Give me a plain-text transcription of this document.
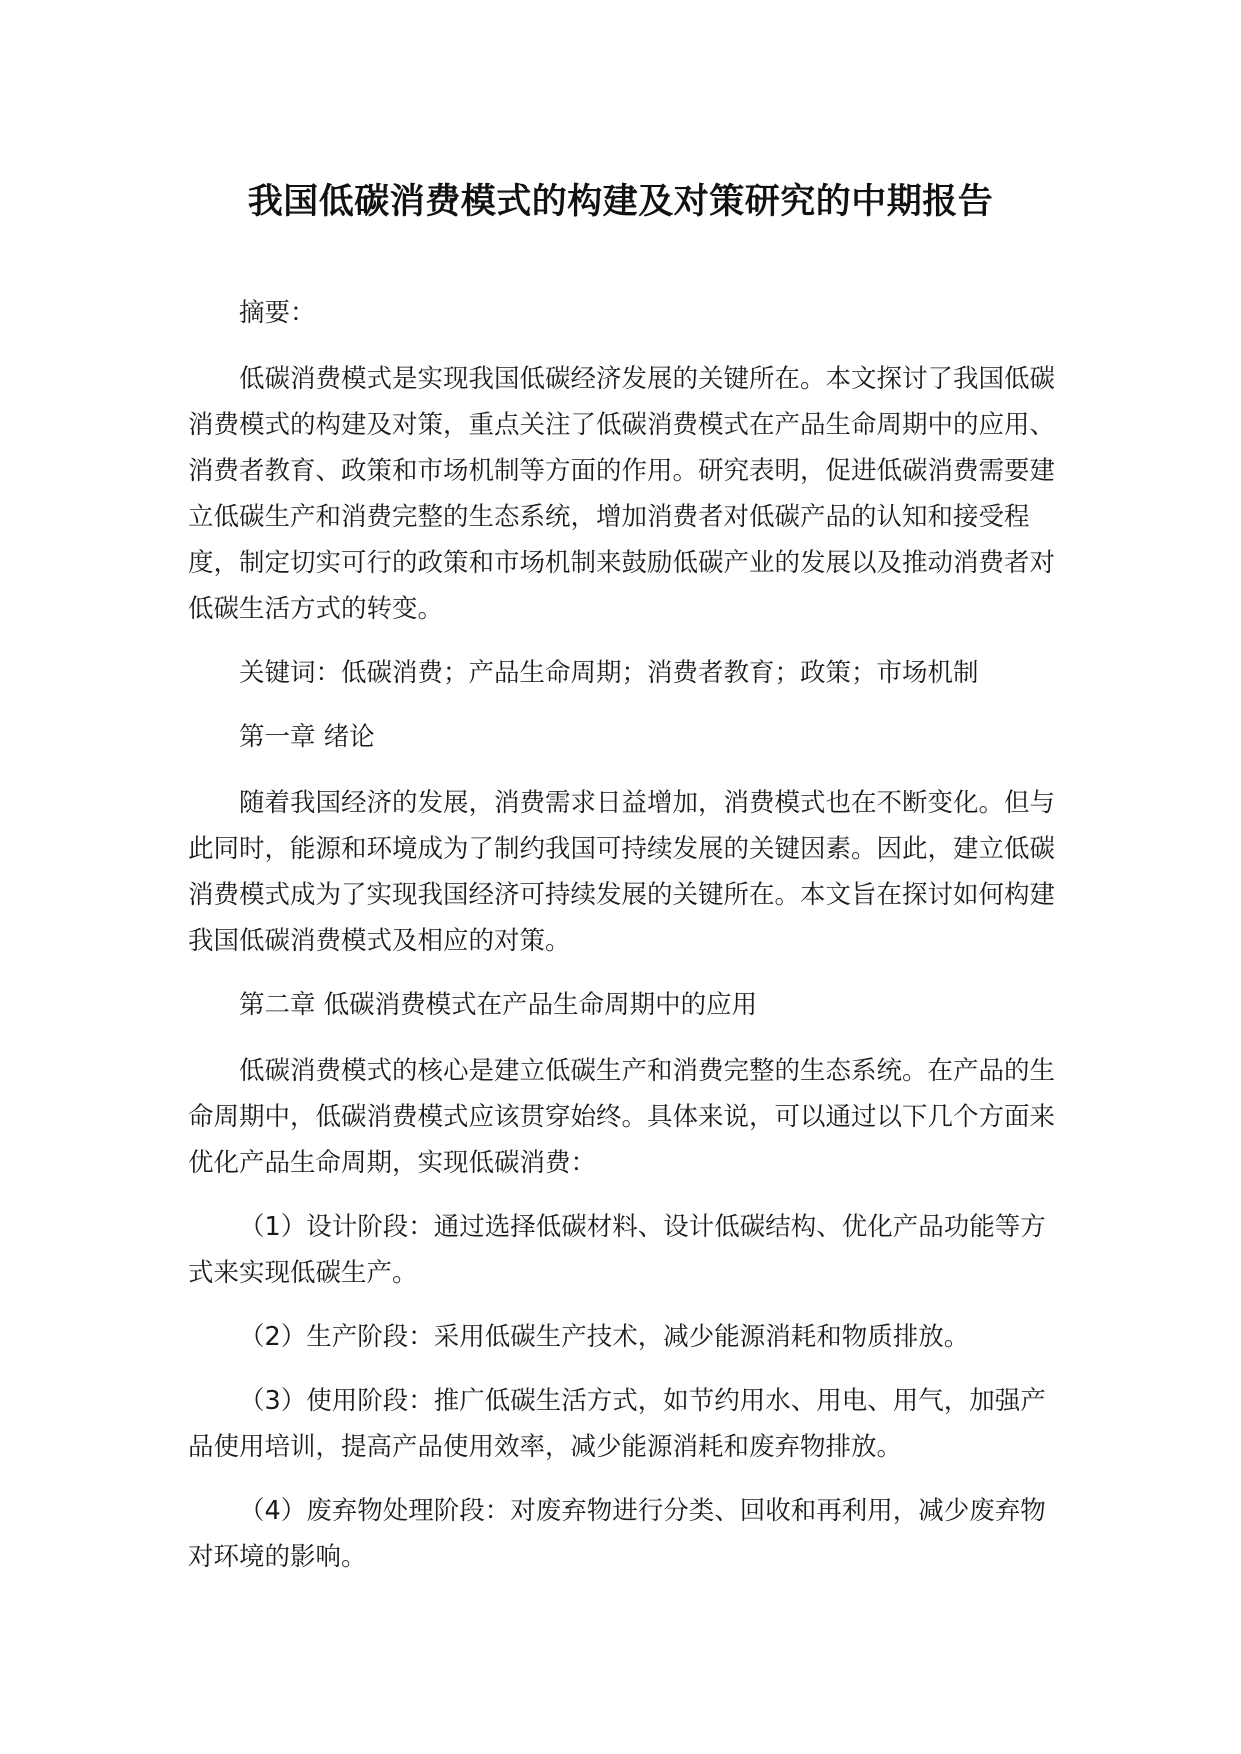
我国低碳消费模式的构建及对策研究的中期报告

摘要：

低碳消费模式是实现我国低碳经济发展的关键所在。本文探讨了我国低碳消费模式的构建及对策，重点关注了低碳消费模式在产品生命周期中的应用、消费者教育、政策和市场机制等方面的作用。研究表明，促进低碳消费需要建立低碳生产和消费完整的生态系统，增加消费者对低碳产品的认知和接受程度，制定切实可行的政策和市场机制来鼓励低碳产业的发展以及推动消费者对低碳生活方式的转变。

关键词：低碳消费；产品生命周期；消费者教育；政策；市场机制

第一章 绪论

随着我国经济的发展，消费需求日益增加，消费模式也在不断变化。但与此同时，能源和环境成为了制约我国可持续发展的关键因素。因此，建立低碳消费模式成为了实现我国经济可持续发展的关键所在。本文旨在探讨如何构建我国低碳消费模式及相应的对策。

第二章 低碳消费模式在产品生命周期中的应用

低碳消费模式的核心是建立低碳生产和消费完整的生态系统。在产品的生命周期中，低碳消费模式应该贯穿始终。具体来说，可以通过以下几个方面来优化产品生命周期，实现低碳消费：

（1）设计阶段：通过选择低碳材料、设计低碳结构、优化产品功能等方式来实现低碳生产。

（2）生产阶段：采用低碳生产技术，减少能源消耗和物质排放。

（3）使用阶段：推广低碳生活方式，如节约用水、用电、用气，加强产品使用培训，提高产品使用效率，减少能源消耗和废弃物排放。

（4）废弃物处理阶段：对废弃物进行分类、回收和再利用，减少废弃物对环境的影响。
